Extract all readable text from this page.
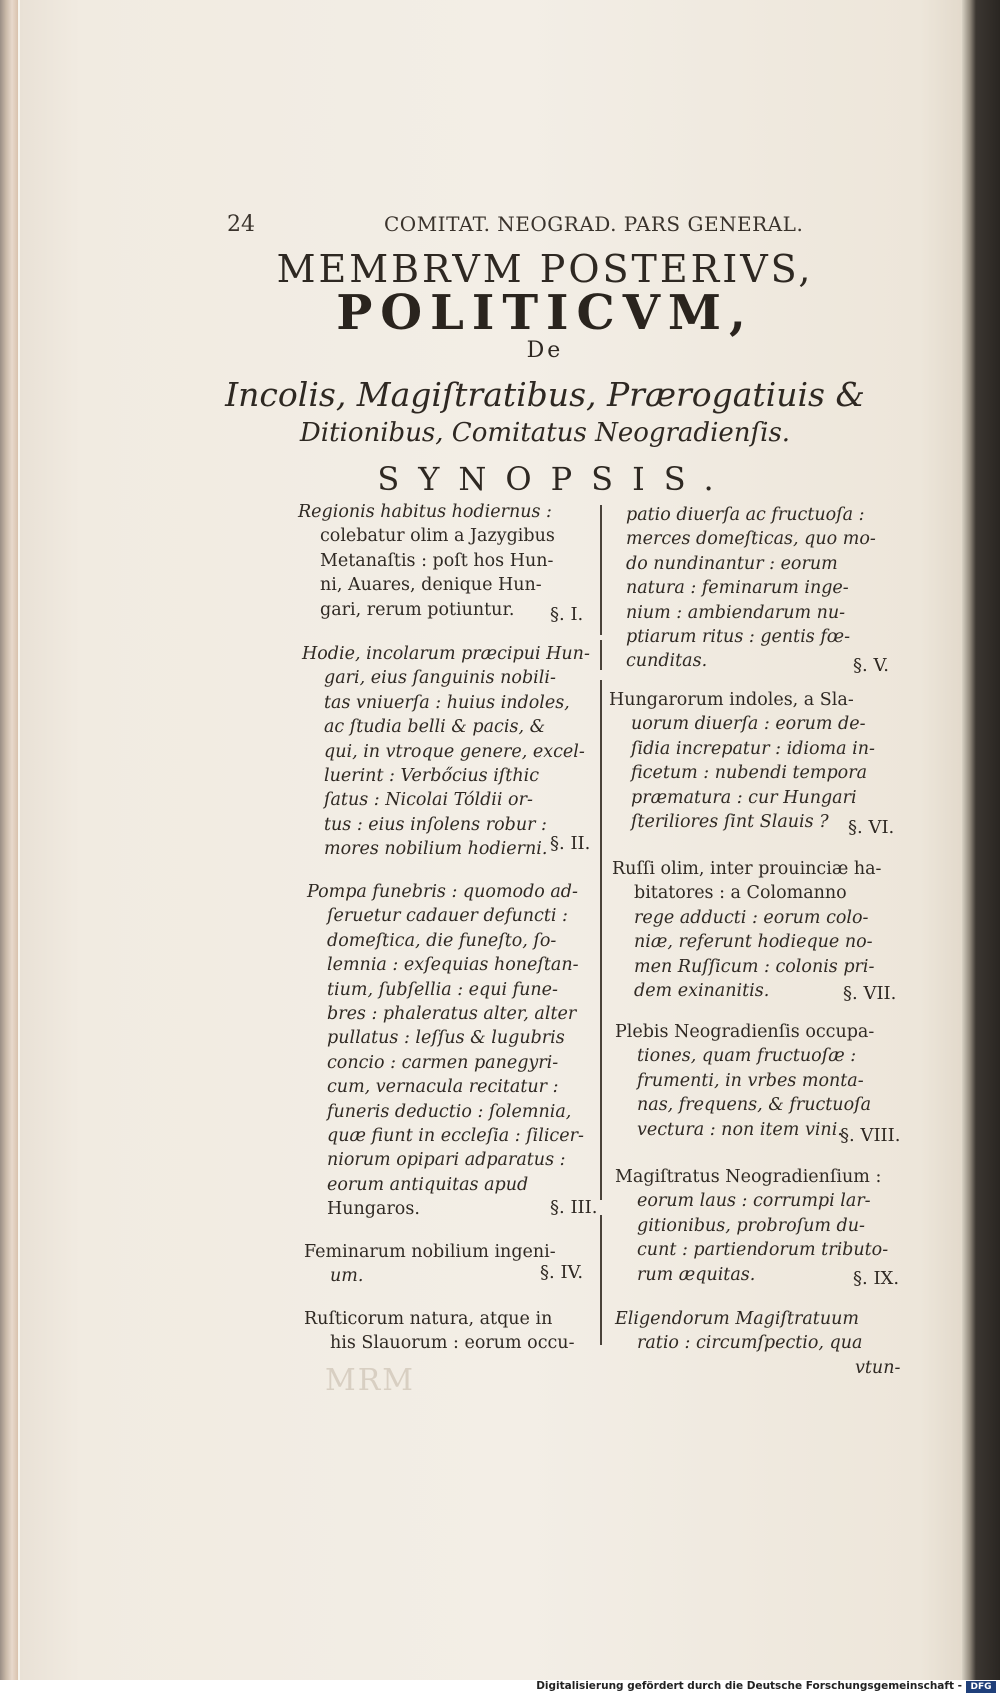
24	COMITAT. NEOGRAD. PARS GENERAL.
MEMBRVM POSTERIVS,
POLITICVM,
De
Incolis, Magiſtratibus, Prærogatiuis &
Ditionibus, Comitatus Neogradienſis.
SYNOPSIS.
Regionis habitus hodiernus :
colebatur olim a Jazygibus
Metanaſtis : poſt hos Hun-
ni, Auares, denique Hun-
gari, rerum potiuntur.	§. I.
Hodie, incolarum præcipui Hun-
gari, eius ſanguinis nobili-
tas vniuerſa : huius indoles,
ac ſtudia belli & pacis, &
qui, in vtroque genere, excel-
luerint : Verbőcius iſthic
ſatus : Nicolai Tóldii or-
tus : eius inſolens robur :
mores nobilium hodierni. §. II.
Pompa funebris : quomodo ad-
ſeruetur cadauer defuncti :
domeſtica, die funeſto, ſo-
lemnia : exſequias honeſtan-
tium, ſubſellia : equi fune-
bres : phaleratus alter, alter
pullatus : leſſus & lugubris
concio : carmen panegyri-
cum, vernacula recitatur :
funeris deductio : ſolemnia,
quæ fiunt in eccleſia : ſilicer-
niorum opipari adparatus :
eorum antiquitas apud
Hungaros.	§. III.
Feminarum nobilium ingeni-
um.	§. IV.
Ruſticorum natura, atque in
his Slauorum : eorum occu-
patio diuerſa ac fructuoſa :
merces domeſticas, quo mo-
do nundinantur : eorum
natura : feminarum inge-
nium : ambiendarum nu-
ptiarum ritus : gentis fœ-
cunditas.	§. V.
Hungarorum indoles, a Sla-
uorum diuerſa : eorum de-
ſidia increpatur : idioma in-
ficetum : nubendi tempora
præmatura : cur Hungari
ſteriliores ſint Slauis ?	§. VI.
Ruſſi olim, inter prouinciæ ha-
bitatores : a Colomanno
rege adducti : eorum colo-
niæ, referunt hodieque no-
men Ruſſicum : colonis pri-
dem exinanitis.	§. VII.
Plebis Neogradienſis occupa-
tiones, quam fructuoſæ :
frumenti, in vrbes monta-
nas, frequens, & fructuoſa
vectura : non item vini.
§. VIII.
Magiſtratus Neogradienſium :
eorum laus : corrumpi lar-
gitionibus, probroſum du-
cunt : partiendorum tributo-
rum æquitas.	§. IX.
Eligendorum Magiſtratuum
ratio : circumſpectio, qua
vtun-
MRM
Digitalisierung gefördert durch die Deutsche Forschungsgemeinschaft - DFG
